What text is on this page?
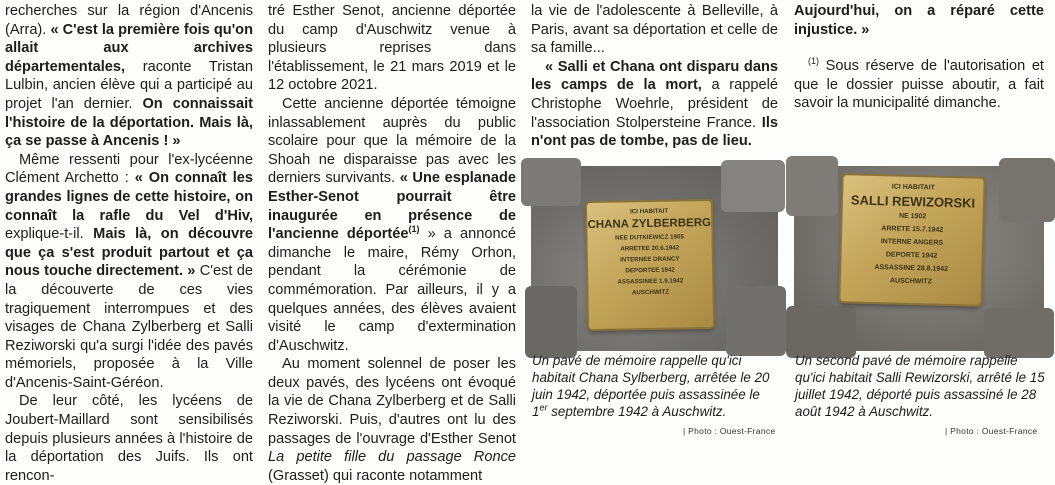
recherches sur la région d'Ancenis (Arra). « C'est la première fois qu'on allait aux archives départementales, raconte Tristan Lulbin, ancien élève qui a participé au projet l'an dernier. On connaissait l'histoire de la déportation. Mais là, ça se passe à Ancenis ! »

Même ressenti pour l'ex-lycéenne Clément Archetto : « On connaît les grandes lignes de cette histoire, on connaît la rafle du Vel d'Hiv, explique-t-il. Mais là, on découvre que ça s'est produit partout et ça nous touche directement. » C'est de la découverte de ces vies tragiquement interrompues et des visages de Chana Zylberberg et Salli Reziworski qu'a surgi l'idée des pavés mémoriels, proposée à la Ville d'Ancenis-Saint-Géréon.

De leur côté, les lycéens de Joubert-Maillard sont sensibilisés depuis plusieurs années à l'histoire de la déportation des Juifs. Ils ont rencon-

tré Esther Senot, ancienne déportée du camp d'Auschwitz venue à plusieurs reprises dans l'établissement, le 21 mars 2019 et le 12 octobre 2021.

Cette ancienne déportée témoigne inlassablement auprès du public scolaire pour que la mémoire de la Shoah ne disparaisse pas avec les derniers survivants. « Une esplanade Esther-Senot pourrait être inaugurée en présence de l'ancienne déportée$^{(1)}$ » a annoncé dimanche le maire, Rémy Orhon, pendant la cérémonie de commémoration. Par ailleurs, il y a quelques années, des élèves avaient visité le camp d'extermination d'Auschwitz.

Au moment solennel de poser les deux pavés, des lycéens ont évoqué la vie de Chana Zylberberg et de Salli Reziworski. Puis, d'autres ont lu des passages de l'ouvrage d'Esther Senot La petite fille du passage Ronce (Grasset) qui raconte notamment

la vie de l'adolescente à Belleville, à Paris, avant sa déportation et celle de sa famille...

« Salli et Chana ont disparu dans les camps de la mort, a rappelé Christophe Woehrle, président de l'association Stolpersteine France. Ils n'ont pas de tombe, pas de lieu.

Aujourd'hui, on a réparé cette injustice. »

$^{(1)}$ Sous réserve de l'autorisation et que le dossier puisse aboutir, a fait savoir la municipalité dimanche.

ICI HABITAIT
CHANA ZYLBERBERG
NEE DUTKIEWICZ 1905
ARRETEE 20.6.1942
INTERNEE DRANCY
DEPORTEE 1942
ASSASSINEE 1.9.1942
AUSCHWITZ
ICI HABITAIT
SALLI REWIZORSKI
NE 1902
ARRETE 15.7.1942
INTERNE ANGERS
DEPORTE 1942
ASSASSINE 28.8.1942
AUSCHWITZ
Un pavé de mémoire rappelle qu'ici habitait Chana Sylberberg, arrêtée le 20 juin 1942, déportée puis assassinée le 1er septembre 1942 à Auschwitz.
Un second pavé de mémoire rappelle qu'ici habitait Salli Rewizorski, arrêté le 15 juillet 1942, déporté puis assassiné le 28 août 1942 à Auschwitz.
| Photo : Ouest-France	| Photo : Ouest-France
